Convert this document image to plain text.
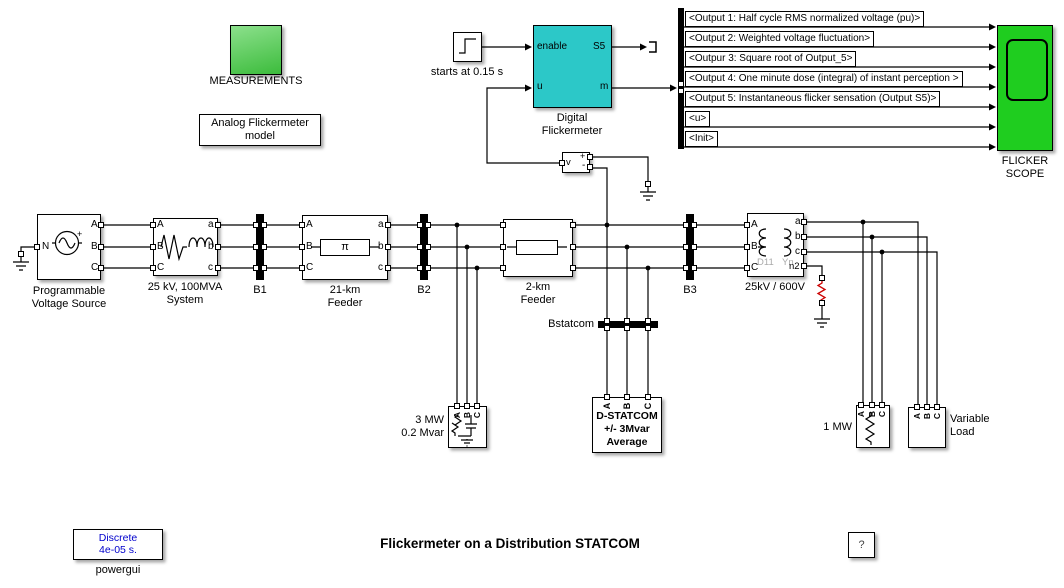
MEASUREMENTS
Analog Flickermeter
model
starts at 0.15 s
enable
u
S5
m
Digital
Flickermeter
v
+
-
<Output 1: Half cycle RMS normalized voltage (pu)>
<Output 2: Weighted voltage fluctuation>
<Outpur 3: Square root of Output_5>
<Output 4: One minute dose (integral) of instant perception >
<Output 5: Instantaneous flicker sensation (Output S5)>
<u>
<Init>
FLICKER
SCOPE
N
A
B
C
+
Programmable
Voltage Source
A
B
C
a
b
c
25 kV, 100MVA
System
B1	B2	B3
Bstatcom
A
B
C
a
b
c
π
21-km
Feeder
2-km
Feeder
A
B
C
a
b
c
D11 Yn
n2
25kV / 600V
A B C
3 MW
0.2 Mvar
A B C
D-STATCOM
+/- 3Mvar
Average
A B C
1 MW
A B C Variable
Load
Discrete
4e-05 s.
powergui
Flickermeter on a Distribution STATCOM	?
